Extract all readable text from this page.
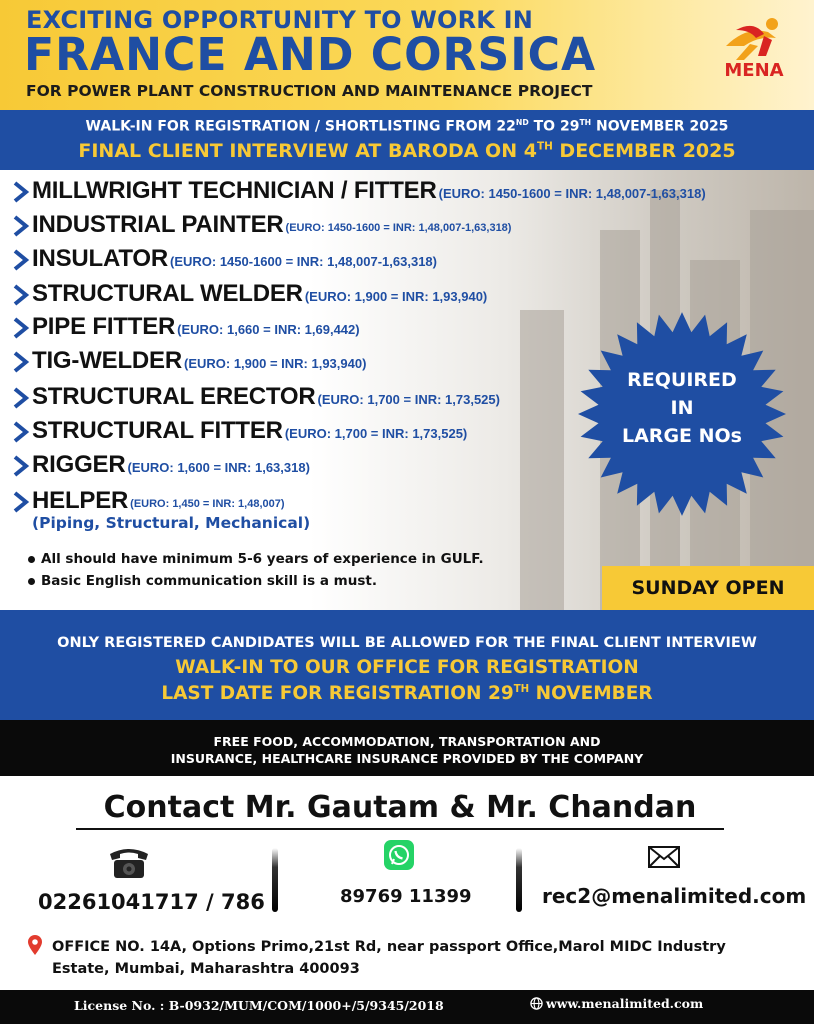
EXCITING OPPORTUNITY TO WORK IN
FRANCE AND CORSICA
FOR POWER PLANT CONSTRUCTION AND MAINTENANCE PROJECT
MENA
WALK-IN FOR REGISTRATION / SHORTLISTING FROM 22ND TO 29TH NOVEMBER 2025
FINAL CLIENT INTERVIEW AT BARODA ON 4TH DECEMBER 2025
MILLWRIGHT TECHNICIAN / FITTER (EURO: 1450-1600 = INR: 1,48,007-1,63,318)
INDUSTRIAL PAINTER (EURO: 1450-1600 = INR: 1,48,007-1,63,318)
INSULATOR (EURO: 1450-1600 = INR: 1,48,007-1,63,318)
STRUCTURAL WELDER (EURO: 1,900 = INR: 1,93,940)
PIPE FITTER (EURO: 1,660 = INR: 1,69,442)
TIG-WELDER (EURO: 1,900 = INR: 1,93,940)
STRUCTURAL ERECTOR (EURO: 1,700 = INR: 1,73,525)
STRUCTURAL FITTER (EURO: 1,700 = INR: 1,73,525)
RIGGER (EURO: 1,600 = INR: 1,63,318)
HELPER (EURO: 1,450 = INR: 1,48,007)
(Piping, Structural, Mechanical)
All should have minimum 5-6 years of experience in GULF.
Basic English communication skill is a must.
REQUIRED
IN
LARGE NOs
SUNDAY OPEN
ONLY REGISTERED CANDIDATES WILL BE ALLOWED FOR THE FINAL CLIENT INTERVIEW
WALK-IN TO OUR OFFICE FOR REGISTRATION
LAST DATE FOR REGISTRATION 29TH NOVEMBER
FREE FOOD, ACCOMMODATION, TRANSPORTATION AND
INSURANCE, HEALTHCARE INSURANCE PROVIDED BY THE COMPANY
Contact Mr. Gautam & Mr. Chandan
02261041717 / 786	89769 11399	rec2@menalimited.com
OFFICE NO. 14A, Options Primo,21st Rd, near passport Office,Marol MIDC Industry
Estate, Mumbai, Maharashtra 400093
License No. : B-0932/MUM/COM/1000+/5/9345/2018	www.menalimited.com
